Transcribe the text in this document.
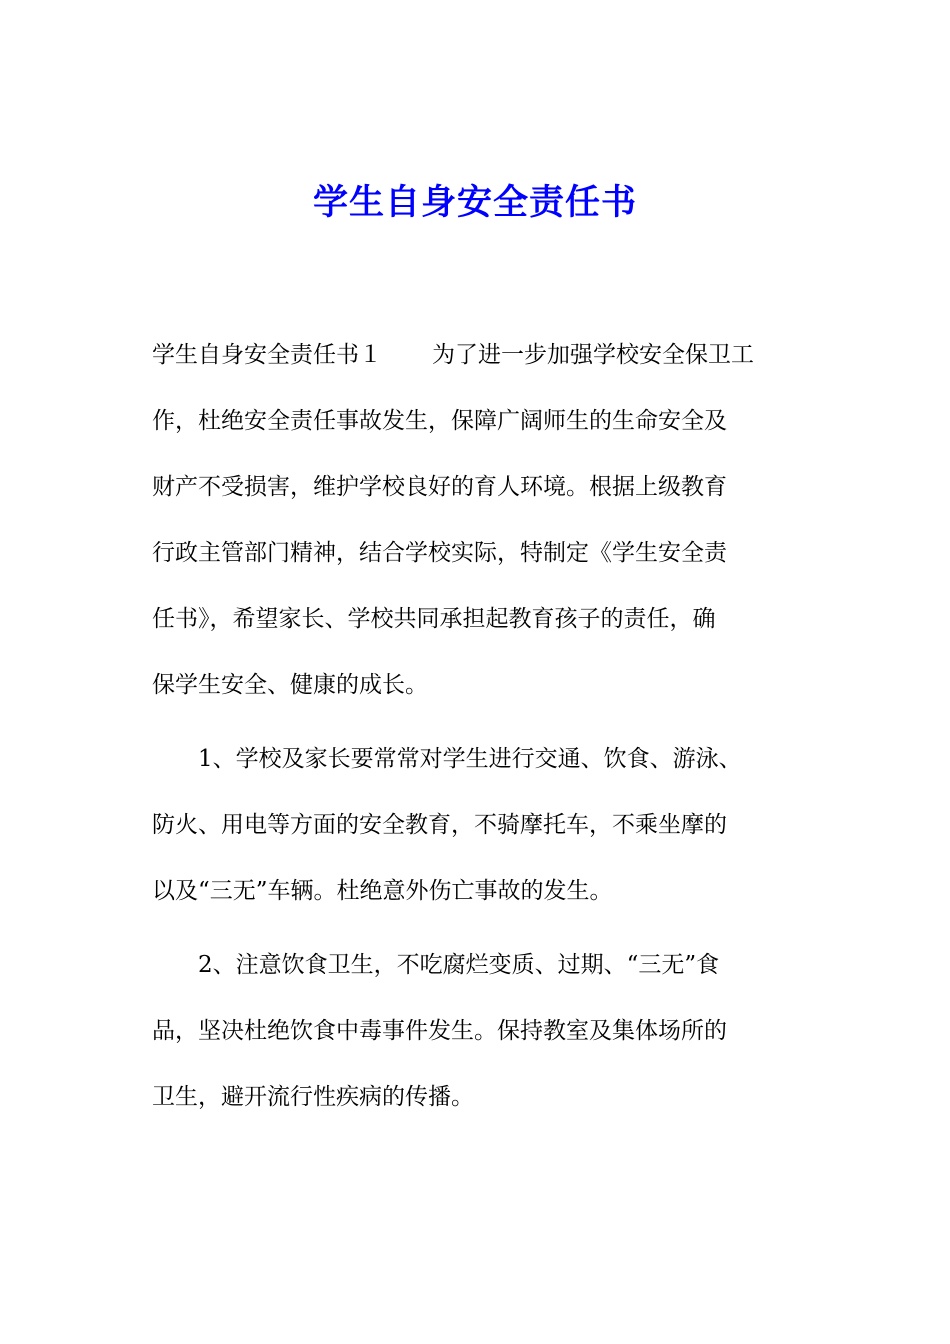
学生自身安全责任书
学生自身安全责任书１ 为了进一步加强学校安全保卫工
作，杜绝安全责任事故发生，保障广阔师生的生命安全及
财产不受损害，维护学校良好的育人环境。根据上级教育
行政主管部门精神，结合学校实际，特制定《学生安全责
任书》，希望家长、学校共同承担起教育孩子的责任，确
保学生安全、健康的成长。
1、学校及家长要常常对学生进行交通、饮食、游泳、
防火、用电等方面的安全教育，不骑摩托车，不乘坐摩的
以及“三无”车辆。杜绝意外伤亡事故的发生。
2、注意饮食卫生，不吃腐烂变质、过期、“三无”食
品，坚决杜绝饮食中毒事件发生。保持教室及集体场所的
卫生，避开流行性疾病的传播。
